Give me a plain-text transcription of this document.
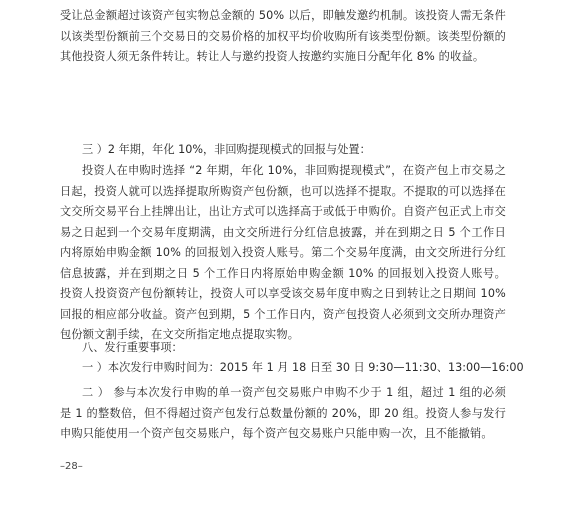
受让总金额超过该资产包实物总金额的 50% 以后，即触发邀约机制。该投资人需无条件以该类型份额前三个交易日的交易价格的加权平均价收购所有该类型份额。该类型份额的其他投资人须无条件转让。转让人与邀约投资人按邀约实施日分配年化 8% 的收益。
三 ）2 年期，年化 10%，非回购提现模式的回报与处置：
投资人在申购时选择 “2 年期，年化 10%，非回购提现模式”，在资产包上市交易之日起，投资人就可以选择提取所购资产包份额，也可以选择不提取。不提取的可以选择在文交所交易平台上挂牌出让，出让方式可以选择高于或低于申购价。自资产包正式上市交易之日起到一个交易年度期满，由文交所进行分红信息披露，并在到期之日 5 个工作日内将原始申购金额 10% 的回报划入投资人账号。第二个交易年度满，由文交所进行分红信息披露，并在到期之日 5 个工作日内将原始申购金额 10% 的回报划入投资人账号。投资人投资资产包份额转让，投资人可以享受该交易年度申购之日到转让之日期间 10% 回报的相应部分收益。资产包到期，5 个工作日内，资产包投资人必须到文交所办理资产包份额文割手续，在文交所指定地点提取实物。
八、发行重要事项：
一 ）本次发行申购时间为：2015 年 1 月 18 日至 30 日 9:30—11:30、13:00—16:00
二 ） 参与本次发行申购的单一资产包交易账户申购不少于 1 组，超过 1 组的必须是 1 的整数倍，但不得超过资产包发行总数量份额的 20%，即 20 组。投资人参与发行申购只能使用一个资产包交易账户，每个资产包交易账户只能申购一次，且不能撤销。
–28–
